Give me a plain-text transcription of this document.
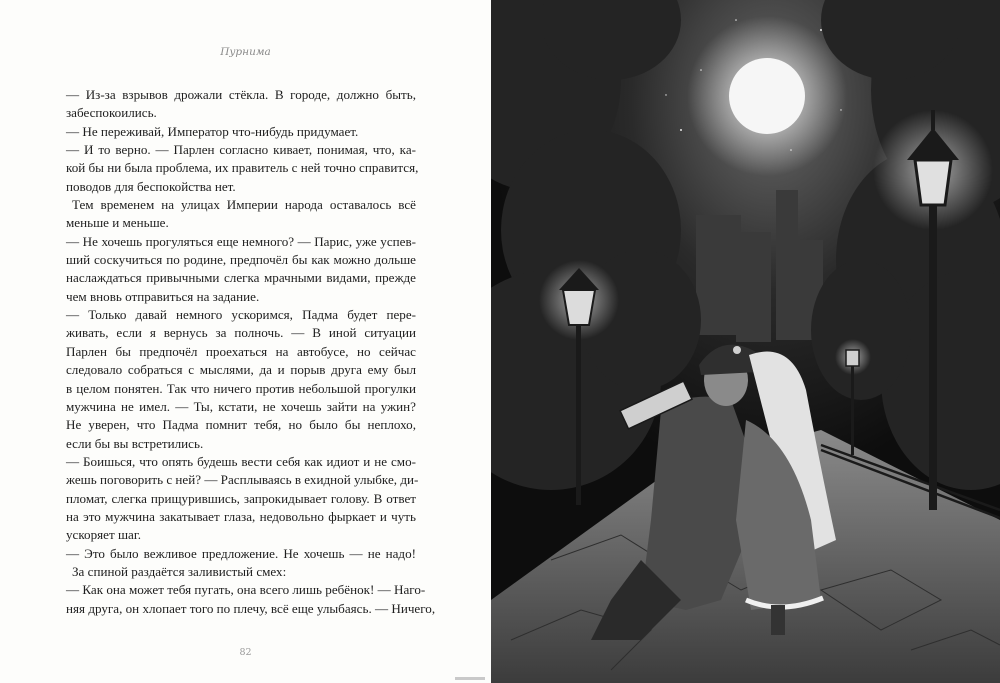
Пурнима
— Из-за взрывов дрожали стёкла. В городе, должно быть,
забеспокоились.
— Не переживай, Император что-нибудь придумает.
— И то верно. — Парлен согласно кивает, понимая, что, ка-
кой бы ни была проблема, их правитель с ней точно справится,
поводов для беспокойства нет.
Тем временем на улицах Империи народа оставалось всё
меньше и меньше.
— Не хочешь прогуляться еще немного? — Парис, уже успев-
ший соскучиться по родине, предпочёл бы как можно дольше
наслаждаться привычными слегка мрачными видами, прежде
чем вновь отправиться на задание.
— Только давай немного ускоримся, Падма будет пере-
живать, если я вернусь за полночь. — В иной ситуации
Парлен бы предпочёл проехаться на автобусе, но сейчас
следовало собраться с мыслями, да и порыв друга ему был
в целом понятен. Так что ничего против небольшой прогулки
мужчина не имел. — Ты, кстати, не хочешь зайти на ужин?
Не уверен, что Падма помнит тебя, но было бы неплохо,
если бы вы встретились.
— Боишься, что опять будешь вести себя как идиот и не смо-
жешь поговорить с ней? — Расплываясь в ехидной улыбке, ди-
пломат, слегка прищурившись, запрокидывает голову. В ответ
на это мужчина закатывает глаза, недовольно фыркает и чуть
ускоряет шаг.
— Это было вежливое предложение. Не хочешь — не надо!
За спиной раздаётся заливистый смех:
— Как она может тебя пугать, она всего лишь ребёнок! — Наго-
няя друга, он хлопает того по плечу, всё еще улыбаясь. — Ничего,
82
